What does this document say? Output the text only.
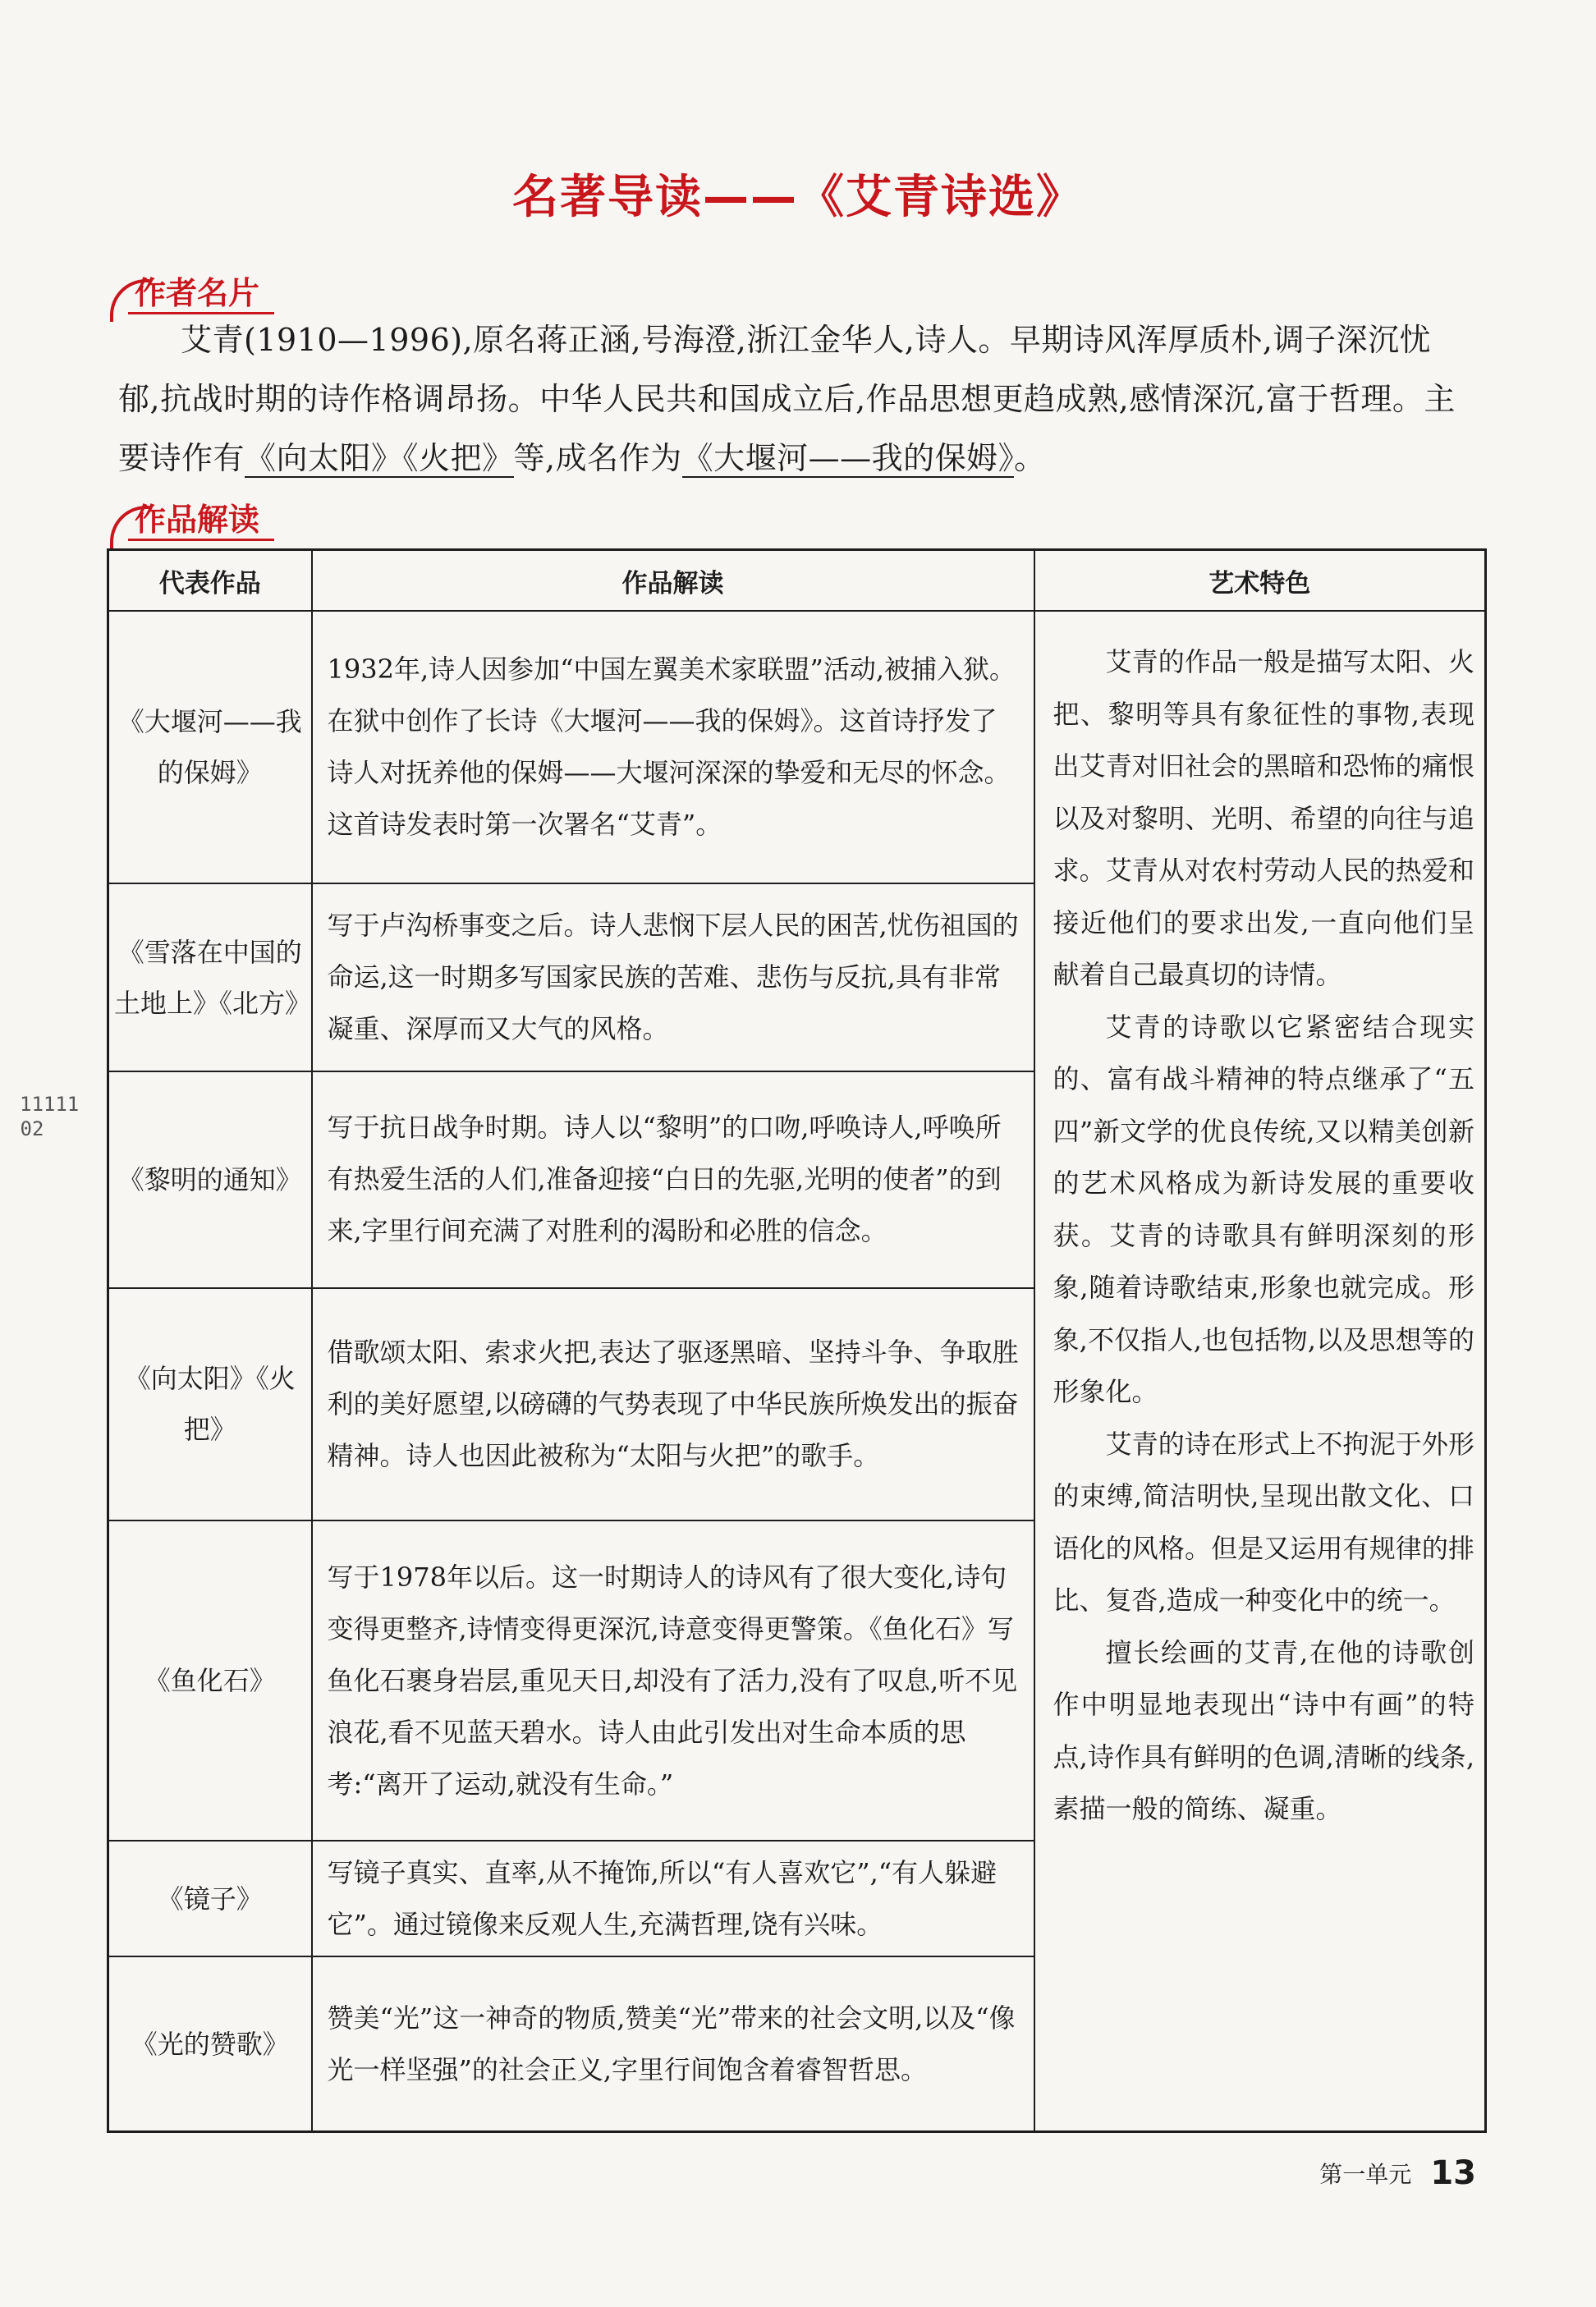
名著导读——《艾青诗选》
作者名片

艾青(1910—1996),原名蒋正涵,号海澄,浙江金华人,诗人。早期诗风浑厚质朴,调子深沉忧郁,抗战时期的诗作格调昂扬。中华人民共和国成立后,作品思想更趋成熟,感情深沉,富于哲理。主要诗作有《向太阳》《火把》等,成名作为《大堰河——我的保姆》。

作品解读
代表作品	作品解读	艺术特色
《大堰河——我的保姆》	1932年,诗人因参加“中国左翼美术家联盟”活动,被捕入狱。在狱中创作了长诗《大堰河——我的保姆》。这首诗抒发了诗人对抚养他的保姆——大堰河深深的挚爱和无尽的怀念。这首诗发表时第一次署名“艾青”。	艾青的作品一般是描写太阳、火把、黎明等具有象征性的事物,表现出艾青对旧社会的黑暗和恐怖的痛恨以及对黎明、光明、希望的向往与追求。艾青从对农村劳动人民的热爱和接近他们的要求出发,一直向他们呈献着自己最真切的诗情。

艾青的诗歌以它紧密结合现实的、富有战斗精神的特点继承了“五四”新文学的优良传统,又以精美创新的艺术风格成为新诗发展的重要收获。艾青的诗歌具有鲜明深刻的形象,随着诗歌结束,形象也就完成。形象,不仅指人,也包括物,以及思想等的形象化。

艾青的诗在形式上不拘泥于外形的束缚,简洁明快,呈现出散文化、口语化的风格。但是又运用有规律的排比、复沓,造成一种变化中的统一。

擅长绘画的艾青,在他的诗歌创作中明显地表现出“诗中有画”的特点,诗作具有鲜明的色调,清晰的线条,素描一般的简练、凝重。

《雪落在中国的土地上》《北方》	写于卢沟桥事变之后。诗人悲悯下层人民的困苦,忧伤祖国的命运,这一时期多写国家民族的苦难、悲伤与反抗,具有非常凝重、深厚而又大气的风格。	
《黎明的通知》	写于抗日战争时期。诗人以“黎明”的口吻,呼唤诗人,呼唤所有热爱生活的人们,准备迎接“白日的先驱,光明的使者”的到来,字里行间充满了对胜利的渴盼和必胜的信念。	
《向太阳》《火把》	借歌颂太阳、索求火把,表达了驱逐黑暗、坚持斗争、争取胜利的美好愿望,以磅礴的气势表现了中华民族所焕发出的振奋精神。诗人也因此被称为“太阳与火把”的歌手。	
《鱼化石》	写于1978年以后。这一时期诗人的诗风有了很大变化,诗句变得更整齐,诗情变得更深沉,诗意变得更警策。《鱼化石》写鱼化石裹身岩层,重见天日,却没有了活力,没有了叹息,听不见浪花,看不见蓝天碧水。诗人由此引发出对生命本质的思考:“离开了运动,就没有生命。”	
《镜子》	写镜子真实、直率,从不掩饰,所以“有人喜欢它”,“有人躲避它”。通过镜像来反观人生,充满哲理,饶有兴味。	
《光的赞歌》	赞美“光”这一神奇的物质,赞美“光”带来的社会文明,以及“像光一样坚强”的社会正义,字里行间饱含着睿智哲思。	
11111 02
第一单元 13
